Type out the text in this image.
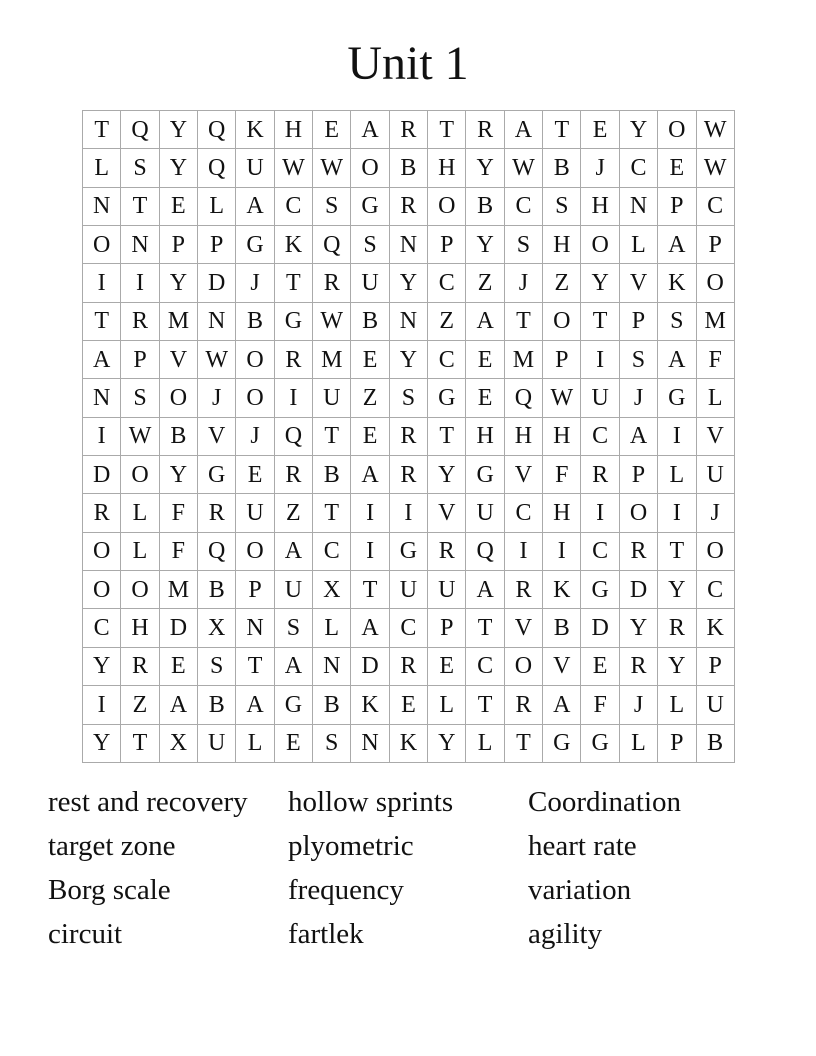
Unit 1
T	Q	Y	Q	K	H	E	A	R	T	R	A	T	E	Y	O	W
L	S	Y	Q	U	W	W	O	B	H	Y	W	B	J	C	E	W
N	T	E	L	A	C	S	G	R	O	B	C	S	H	N	P	C
O	N	P	P	G	K	Q	S	N	P	Y	S	H	O	L	A	P
I	I	Y	D	J	T	R	U	Y	C	Z	J	Z	Y	V	K	O
T	R	M	N	B	G	W	B	N	Z	A	T	O	T	P	S	M
A	P	V	W	O	R	M	E	Y	C	E	M	P	I	S	A	F
N	S	O	J	O	I	U	Z	S	G	E	Q	W	U	J	G	L
I	W	B	V	J	Q	T	E	R	T	H	H	H	C	A	I	V
D	O	Y	G	E	R	B	A	R	Y	G	V	F	R	P	L	U
R	L	F	R	U	Z	T	I	I	V	U	C	H	I	O	I	J
O	L	F	Q	O	A	C	I	G	R	Q	I	I	C	R	T	O
O	O	M	B	P	U	X	T	U	U	A	R	K	G	D	Y	C
C	H	D	X	N	S	L	A	C	P	T	V	B	D	Y	R	K
Y	R	E	S	T	A	N	D	R	E	C	O	V	E	R	Y	P
I	Z	A	B	A	G	B	K	E	L	T	R	A	F	J	L	U
Y	T	X	U	L	E	S	N	K	Y	L	T	G	G	L	P	B
rest and recovery	hollow sprints	Coordination
target zone	plyometric	heart rate
Borg scale	frequency	variation
circuit	fartlek	agility
